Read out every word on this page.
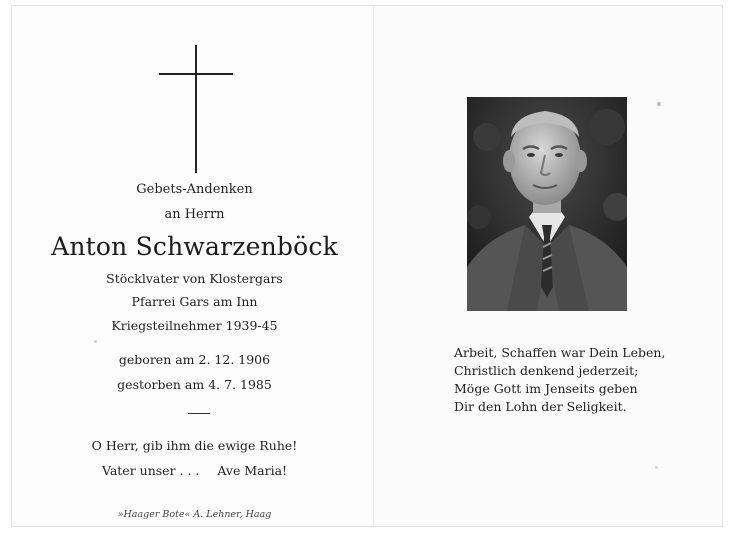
Gebets-Andenken
an Herrn
Anton Schwarzenböck
Stöcklvater von Klostergars
Pfarrei Gars am Inn
Kriegsteilnehmer 1939-45
geboren am 2. 12. 1906
gestorben am 4. 7. 1985
O Herr, gib ihm die ewige Ruhe!
Vater unser . . . Ave Maria!
»Haager Bote« A. Lehner, Haag
Arbeit, Schaffen war Dein Leben,
Christlich denkend jederzeit;
Möge Gott im Jenseits geben
Dir den Lohn der Seligkeit.
